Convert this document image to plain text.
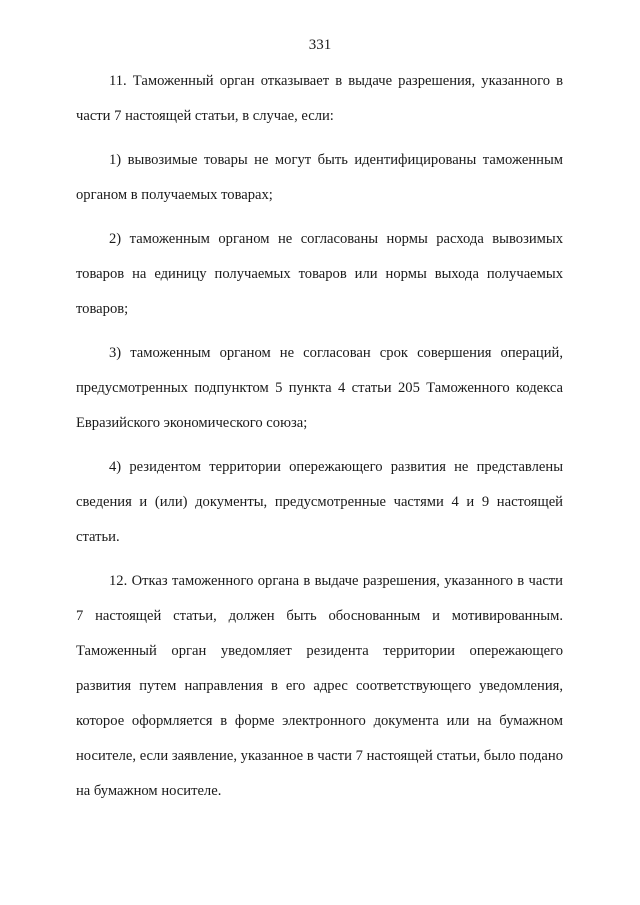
331

11. Таможенный орган отказывает в выдаче разрешения, указанного в части 7 настоящей статьи, в случае, если:

1) вывозимые товары не могут быть идентифицированы таможенным органом в получаемых товарах;

2) таможенным органом не согласованы нормы расхода вывозимых товаров на единицу получаемых товаров или нормы выхода получаемых товаров;

3) таможенным органом не согласован срок совершения операций, предусмотренных подпунктом 5 пункта 4 статьи 205 Таможенного кодекса Евразийского экономического союза;

4) резидентом территории опережающего развития не представлены сведения и (или) документы, предусмотренные частями 4 и 9 настоящей статьи.

12. Отказ таможенного органа в выдаче разрешения, указанного в части 7 настоящей статьи, должен быть обоснованным и мотивированным. Таможенный орган уведомляет резидента территории опережающего развития путем направления в его адрес соответствующего уведомления, которое оформляется в форме электронного документа или на бумажном носителе, если заявление, указанное в части 7 настоящей статьи, было подано на бумажном носителе.
